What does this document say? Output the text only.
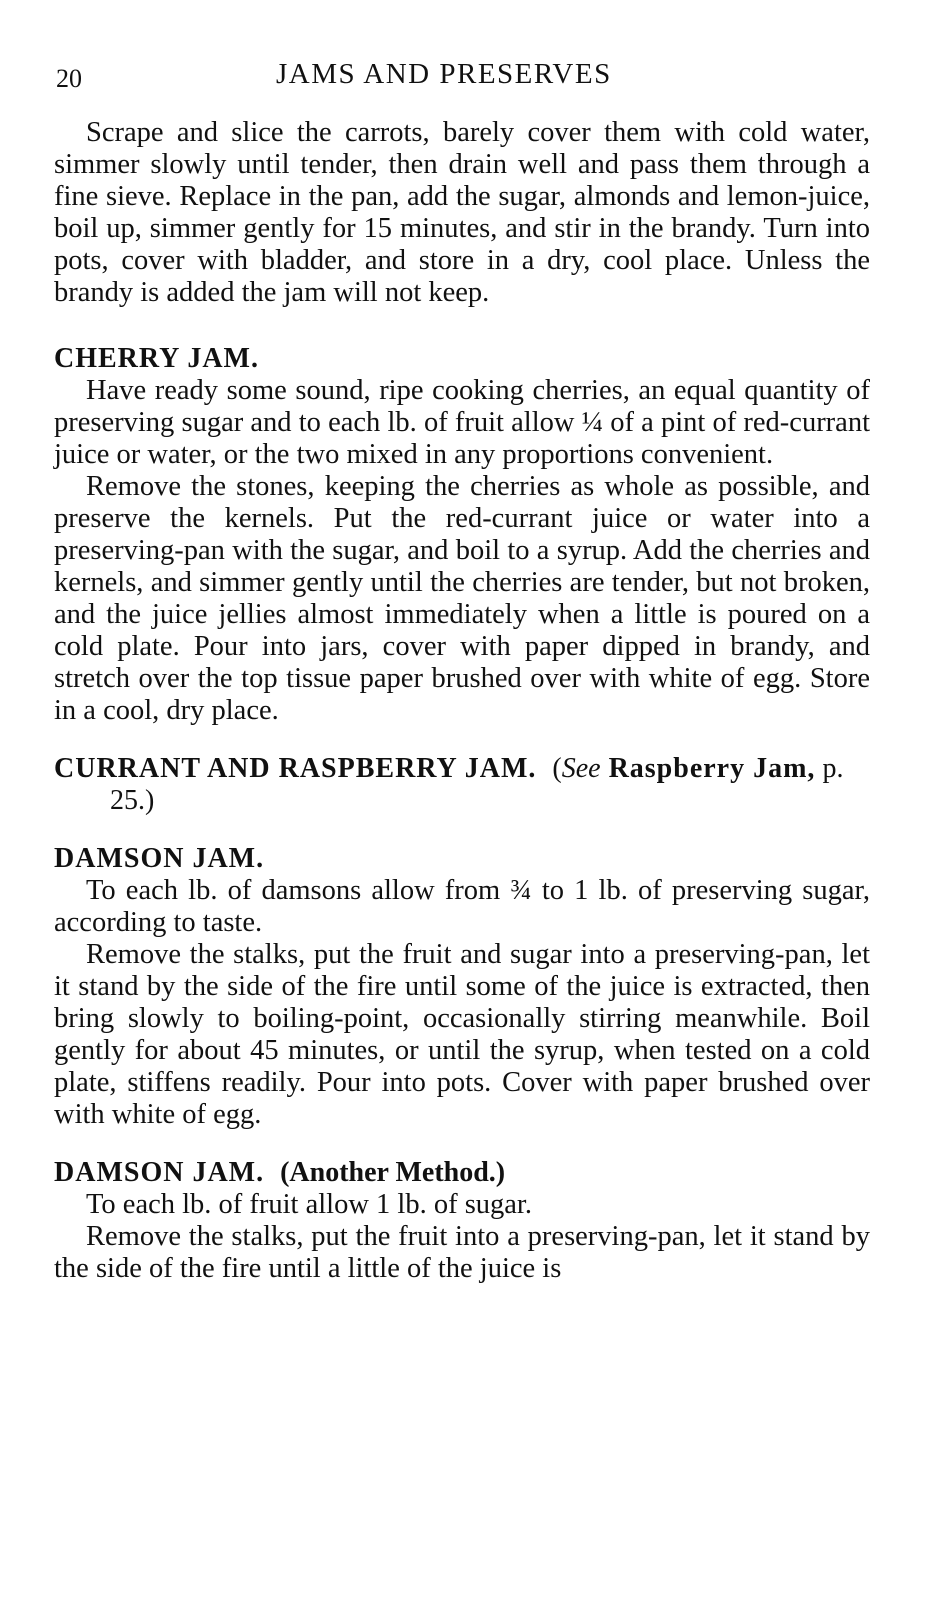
20	JAMS AND PRESERVES

Scrape and slice the carrots, barely cover them with cold water, simmer slowly until tender, then drain well and pass them through a fine sieve. Replace in the pan, add the sugar, almonds and lemon-juice, boil up, simmer gently for 15 minutes, and stir in the brandy. Turn into pots, cover with bladder, and store in a dry, cool place. Unless the brandy is added the jam will not keep.

CHERRY JAM.

Have ready some sound, ripe cooking cherries, an equal quantity of preserving sugar and to each lb. of fruit allow ¼ of a pint of red-currant juice or water, or the two mixed in any proportions convenient.

Remove the stones, keeping the cherries as whole as possible, and preserve the kernels. Put the red-currant juice or water into a preserving-pan with the sugar, and boil to a syrup. Add the cherries and kernels, and simmer gently until the cherries are tender, but not broken, and the juice jellies almost immediately when a little is poured on a cold plate. Pour into jars, cover with paper dipped in brandy, and stretch over the top tissue paper brushed over with white of egg. Store in a cool, dry place.

CURRANT AND RASPBERRY JAM. (See Raspberry Jam, p. 25.)
DAMSON JAM.

To each lb. of damsons allow from ¾ to 1 lb. of preserving sugar, according to taste.

Remove the stalks, put the fruit and sugar into a preserving-pan, let it stand by the side of the fire until some of the juice is extracted, then bring slowly to boiling-point, occasionally stirring meanwhile. Boil gently for about 45 minutes, or until the syrup, when tested on a cold plate, stiffens readily. Pour into pots. Cover with paper brushed over with white of egg.

DAMSON JAM. (Another Method.)

To each lb. of fruit allow 1 lb. of sugar.

Remove the stalks, put the fruit into a preserving-pan, let it stand by the side of the fire until a little of the juice is
